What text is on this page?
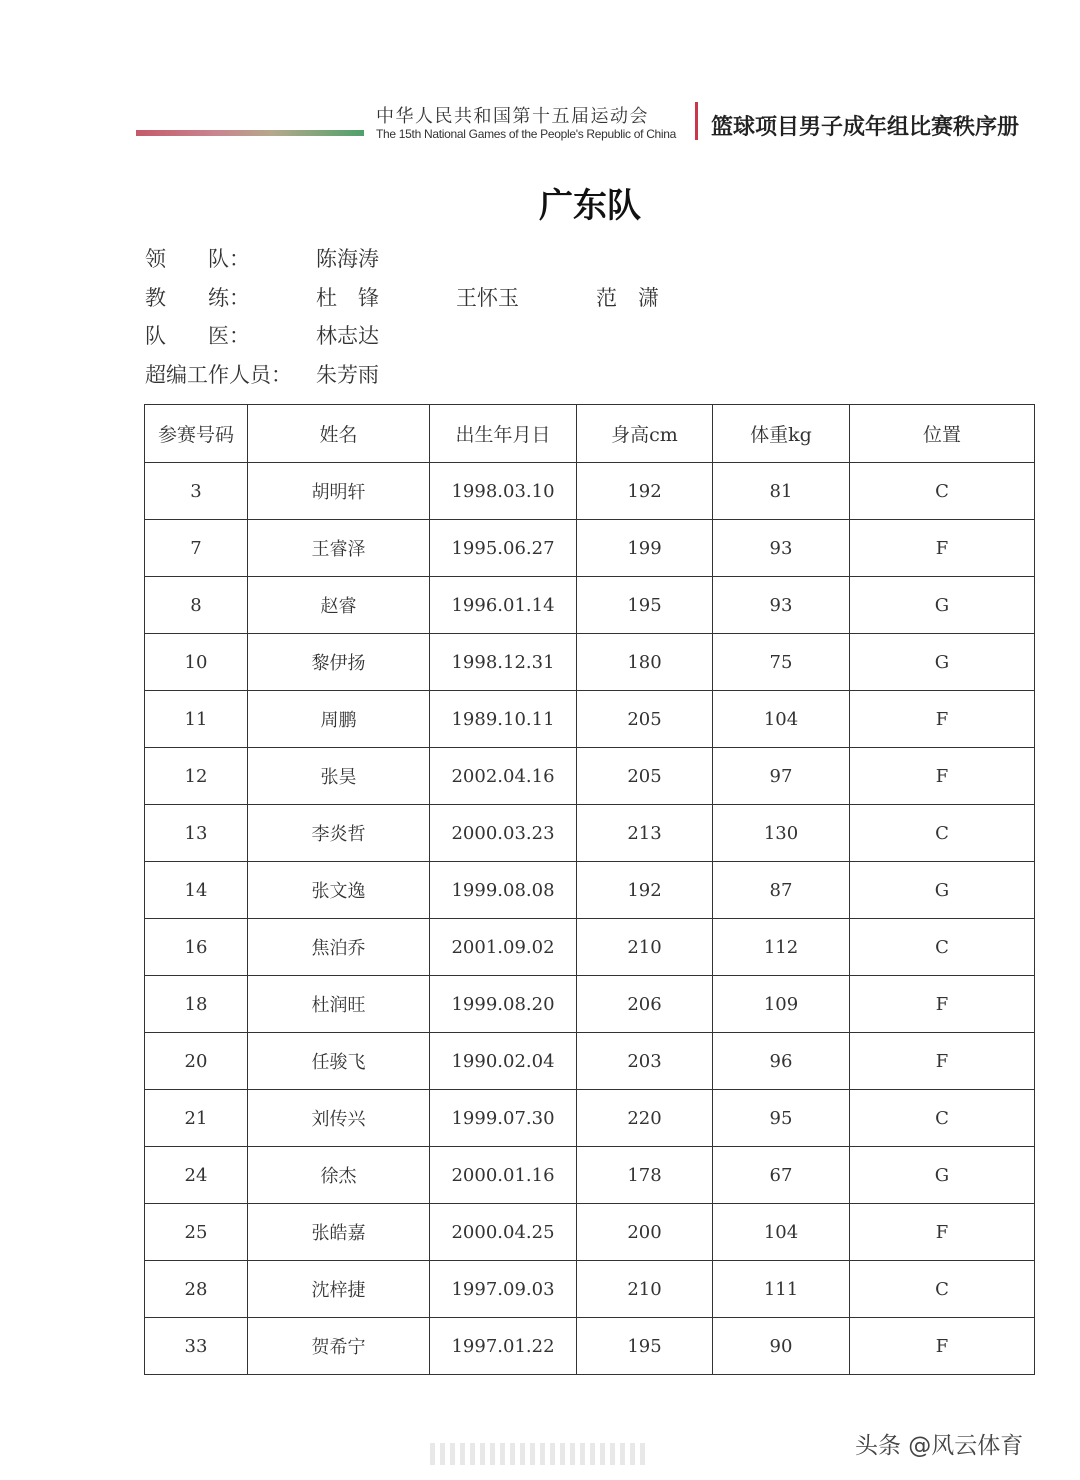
中华人民共和国第十五届运动会
The 15th National Games of the People's Republic of China	篮球项目男子成年组比赛秩序册
广东队
领　　队：	陈海涛
教　　练：	杜　锋	王怀玉	范　潇
队　　医：	林志达
超编工作人员： 朱芳雨
参赛号码	姓名	出生年月日	身高cm	体重kg	位置
3	胡明轩	1998.03.10	192	81	C
7	王睿泽	1995.06.27	199	93	F
8	赵睿	1996.01.14	195	93	G
10	黎伊扬	1998.12.31	180	75	G
11	周鹏	1989.10.11	205	104	F
12	张昊	2002.04.16	205	97	F
13	李炎哲	2000.03.23	213	130	C
14	张文逸	1999.08.08	192	87	G
16	焦泊乔	2001.09.02	210	112	C
18	杜润旺	1999.08.20	206	109	F
20	任骏飞	1990.02.04	203	96	F
21	刘传兴	1999.07.30	220	95	C
24	徐杰	2000.01.16	178	67	G
25	张皓嘉	2000.04.25	200	104	F
28	沈梓捷	1997.09.03	210	111	C
33	贺希宁	1997.01.22	195	90	F
头条 @风云体育
